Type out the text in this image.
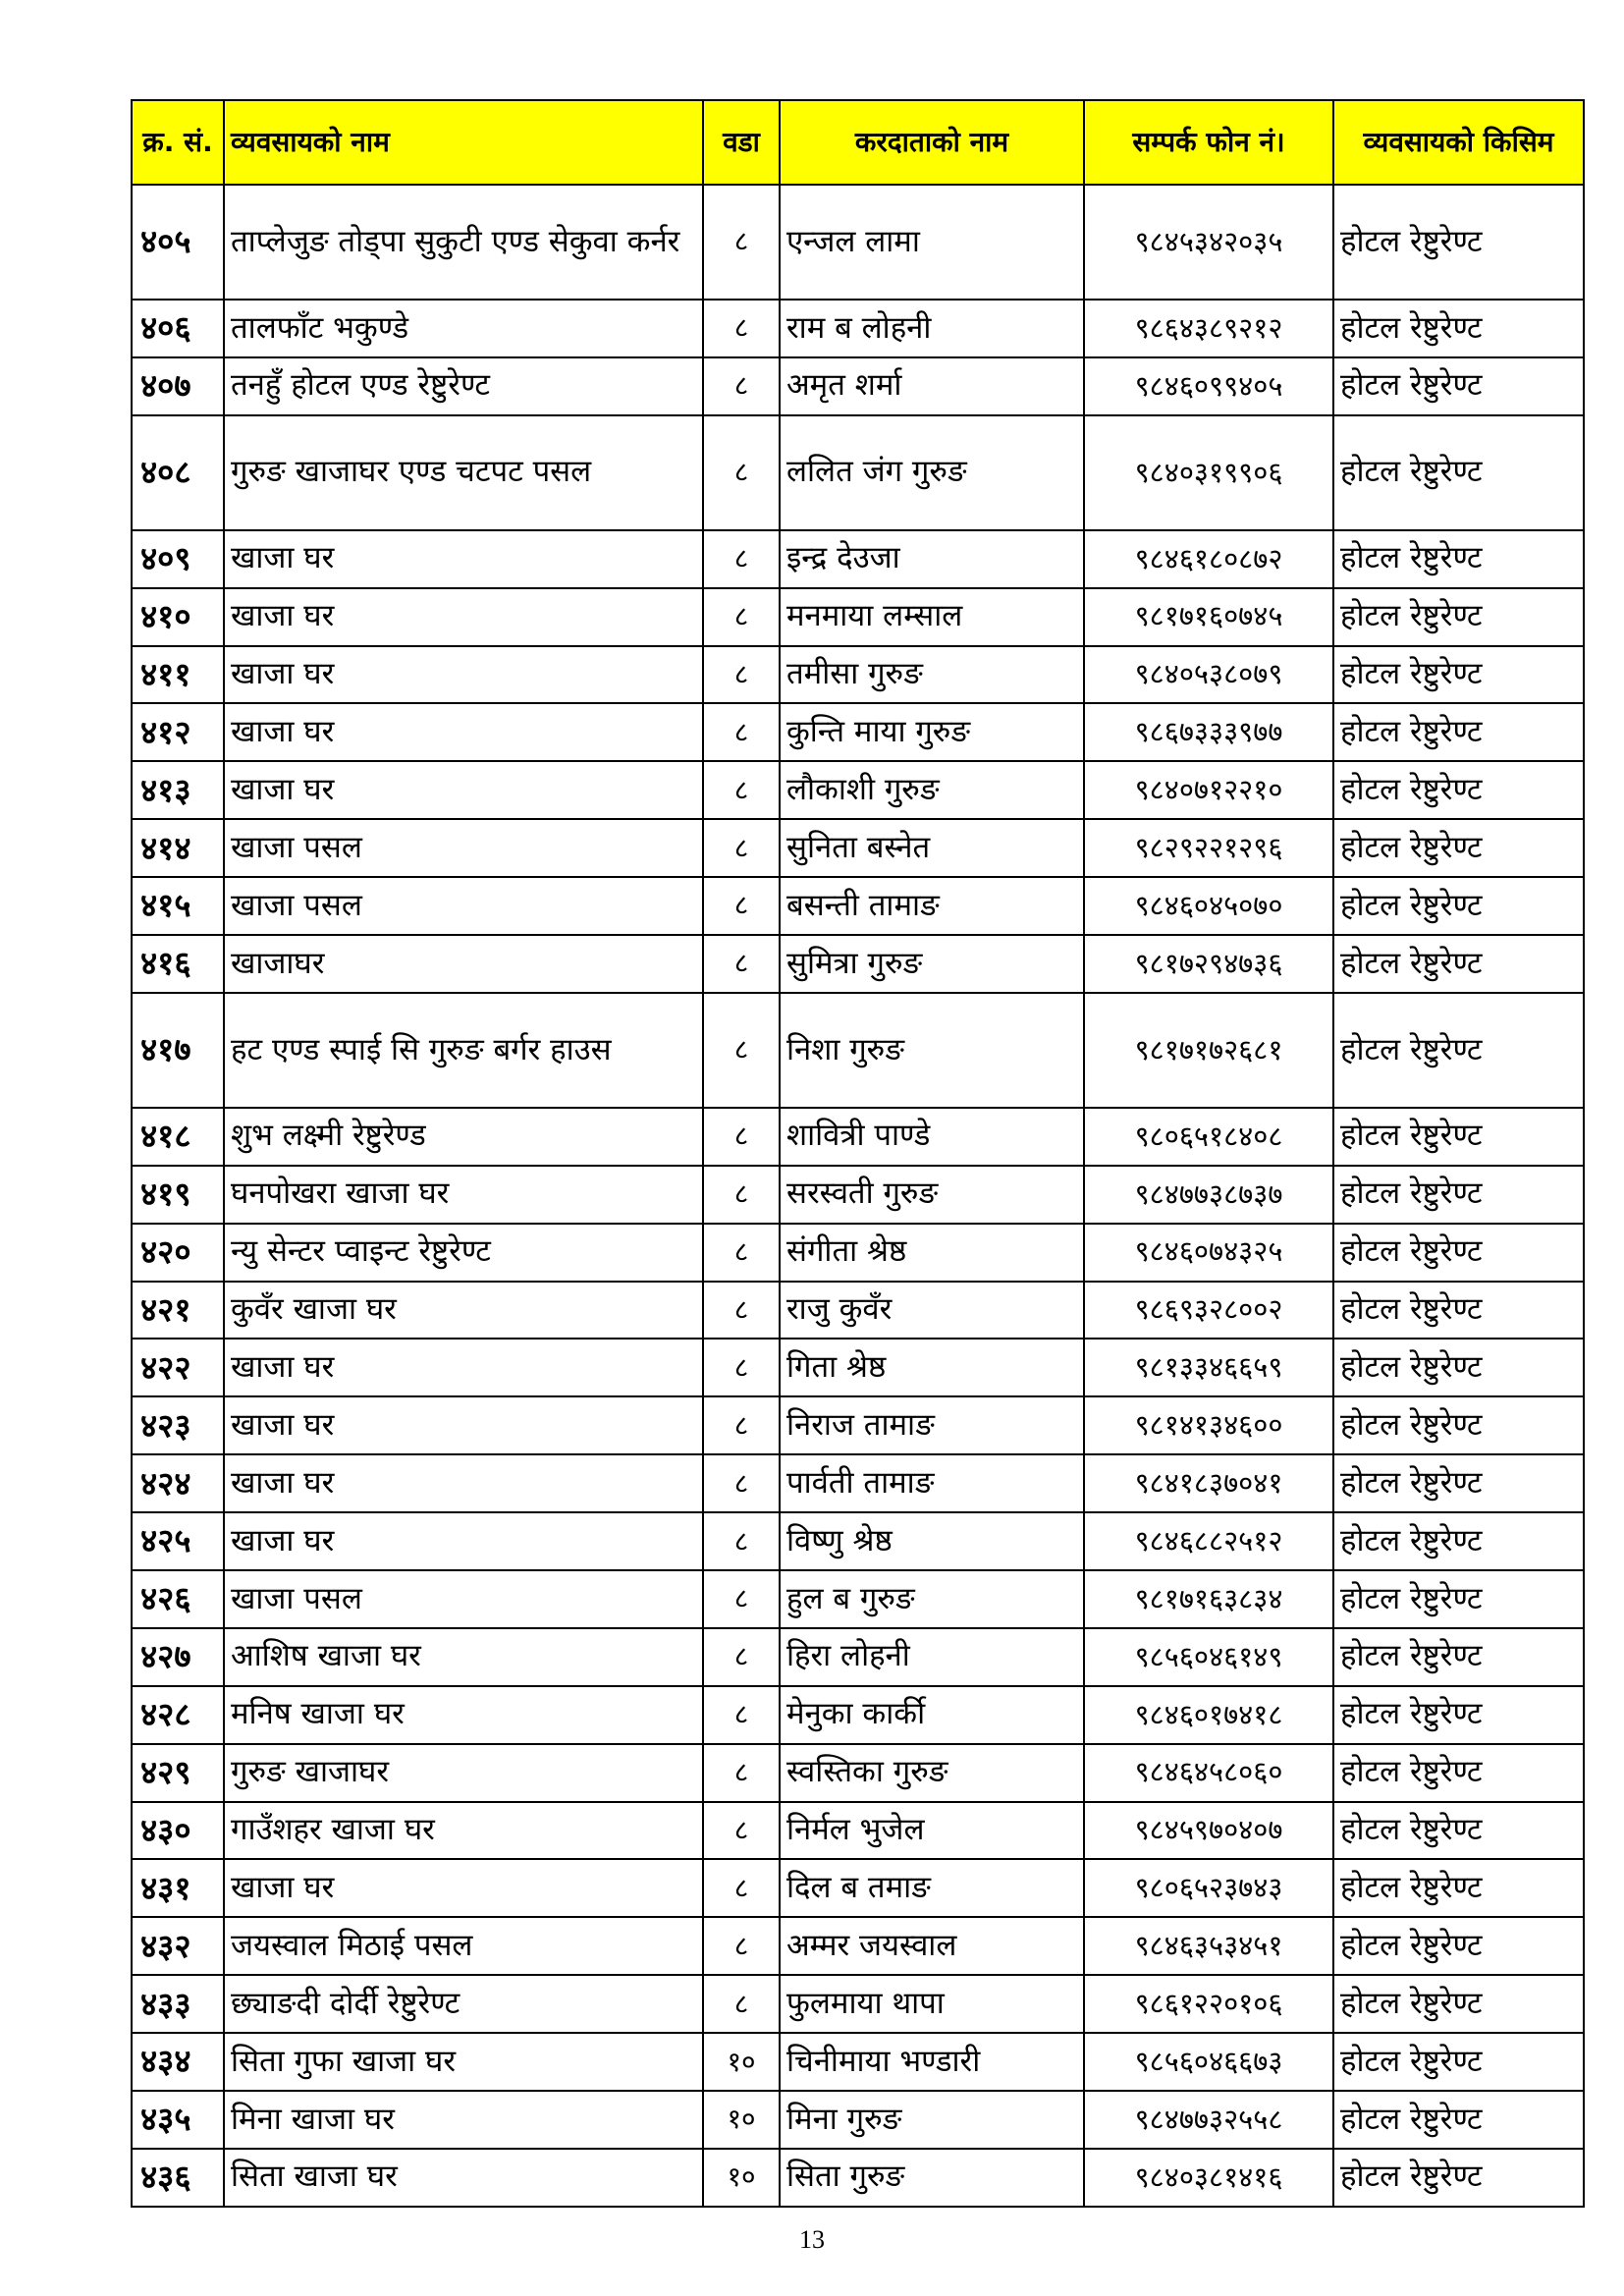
क्र. सं.	व्यवसायको नाम	वडा	करदाताको नाम	सम्पर्क फोन नं।	व्यवसायको किसिम
४०५	ताप्लेजुङ तोड्पा सुकुटी एण्ड सेकुवा कर्नर	८	एन्जल लामा	९८४५३४२०३५	होटल रेष्टुरेण्ट
४०६	तालफाँट भकुण्डे	८	राम ब लोहनी	९८६४३८९२१२	होटल रेष्टुरेण्ट
४०७	तनहुँ होटल एण्ड रेष्टुरेण्ट	८	अमृत शर्मा	९८४६०९९४०५	होटल रेष्टुरेण्ट
४०८	गुरुङ खाजाघर एण्ड चटपट पसल	८	ललित जंग गुरुङ	९८४०३१९९०६	होटल रेष्टुरेण्ट
४०९	खाजा घर	८	इन्द्र देउजा	९८४६१८०८७२	होटल रेष्टुरेण्ट
४१०	खाजा घर	८	मनमाया लम्साल	९८१७१६०७४५	होटल रेष्टुरेण्ट
४११	खाजा घर	८	तमीसा गुरुङ	९८४०५३८०७९	होटल रेष्टुरेण्ट
४१२	खाजा घर	८	कुन्ति माया गुरुङ	९८६७३३३९७७	होटल रेष्टुरेण्ट
४१३	खाजा घर	८	लौकाशी गुरुङ	९८४०७१२२१०	होटल रेष्टुरेण्ट
४१४	खाजा पसल	८	सुनिता बस्नेत	९८२९२२१२९६	होटल रेष्टुरेण्ट
४१५	खाजा पसल	८	बसन्ती तामाङ	९८४६०४५०७०	होटल रेष्टुरेण्ट
४१६	खाजाघर	८	सुमित्रा गुरुङ	९८१७२९४७३६	होटल रेष्टुरेण्ट
४१७	हट एण्ड स्पाई सि गुरुङ बर्गर हाउस	८	निशा गुरुङ	९८१७१७२६८१	होटल रेष्टुरेण्ट
४१८	शुभ लक्ष्मी रेष्टुरेण्ड	८	शावित्री पाण्डे	९८०६५१८४०८	होटल रेष्टुरेण्ट
४१९	घनपोखरा खाजा घर	८	सरस्वती गुरुङ	९८४७७३८७३७	होटल रेष्टुरेण्ट
४२०	न्यु सेन्टर प्वाइन्ट रेष्टुरेण्ट	८	संगीता श्रेष्ठ	९८४६०७४३२५	होटल रेष्टुरेण्ट
४२१	कुवँर खाजा घर	८	राजु कुवँर	९८६९३२८००२	होटल रेष्टुरेण्ट
४२२	खाजा घर	८	गिता श्रेष्ठ	९८१३३४६६५९	होटल रेष्टुरेण्ट
४२३	खाजा घर	८	निराज तामाङ	९८१४१३४६००	होटल रेष्टुरेण्ट
४२४	खाजा घर	८	पार्वती तामाङ	९८४१८३७०४१	होटल रेष्टुरेण्ट
४२५	खाजा घर	८	विष्णु श्रेष्ठ	९८४६८८२५१२	होटल रेष्टुरेण्ट
४२६	खाजा पसल	८	हुल ब गुरुङ	९८१७१६३८३४	होटल रेष्टुरेण्ट
४२७	आशिष खाजा घर	८	हिरा लोहनी	९८५६०४६१४९	होटल रेष्टुरेण्ट
४२८	मनिष खाजा घर	८	मेनुका कार्की	९८४६०१७४१८	होटल रेष्टुरेण्ट
४२९	गुरुङ खाजाघर	८	स्वस्तिका गुरुङ	९८४६४५८०६०	होटल रेष्टुरेण्ट
४३०	गाउँशहर खाजा घर	८	निर्मल भुजेल	९८४५९७०४०७	होटल रेष्टुरेण्ट
४३१	खाजा घर	८	दिल ब तमाङ	९८०६५२३७४३	होटल रेष्टुरेण्ट
४३२	जयस्वाल मिठाई पसल	८	अम्मर जयस्वाल	९८४६३५३४५१	होटल रेष्टुरेण्ट
४३३	छ्याङदी दोर्दी रेष्टुरेण्ट	८	फुलमाया थापा	९८६१२२०१०६	होटल रेष्टुरेण्ट
४३४	सिता गुफा खाजा घर	१०	चिनीमाया भण्डारी	९८५६०४६६७३	होटल रेष्टुरेण्ट
४३५	मिना खाजा घर	१०	मिना गुरुङ	९८४७७३२५५८	होटल रेष्टुरेण्ट
४३६	सिता खाजा घर	१०	सिता गुरुङ	९८४०३८१४१६	होटल रेष्टुरेण्ट
13
